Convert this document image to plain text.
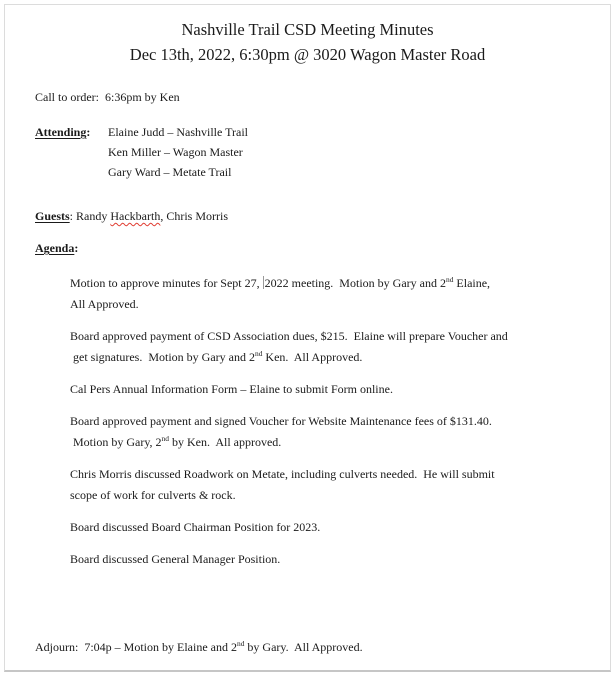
Nashville Trail CSD Meeting Minutes
Dec 13th, 2022, 6:30pm @ 3020 Wagon Master Road
Call to order:  6:36pm by Ken
Attending:	Elaine Judd – Nashville Trail
Ken Miller – Wagon Master
Gary Ward – Metate Trail
Guests: Randy Hackbarth, Chris Morris
Agenda:
Motion to approve minutes for Sept 27, 2022 meeting.  Motion by Gary and 2nd Elaine,
All Approved.
Board approved payment of CSD Association dues, $215.  Elaine will prepare Voucher and
get signatures.  Motion by Gary and 2nd Ken.  All Approved.
Cal Pers Annual Information Form – Elaine to submit Form online.
Board approved payment and signed Voucher for Website Maintenance fees of $131.40.
Motion by Gary, 2nd by Ken.  All approved.
Chris Morris discussed Roadwork on Metate, including culverts needed.  He will submit
scope of work for culverts & rock.
Board discussed Board Chairman Position for 2023.
Board discussed General Manager Position.
Adjourn:  7:04p – Motion by Elaine and 2nd by Gary.  All Approved.
